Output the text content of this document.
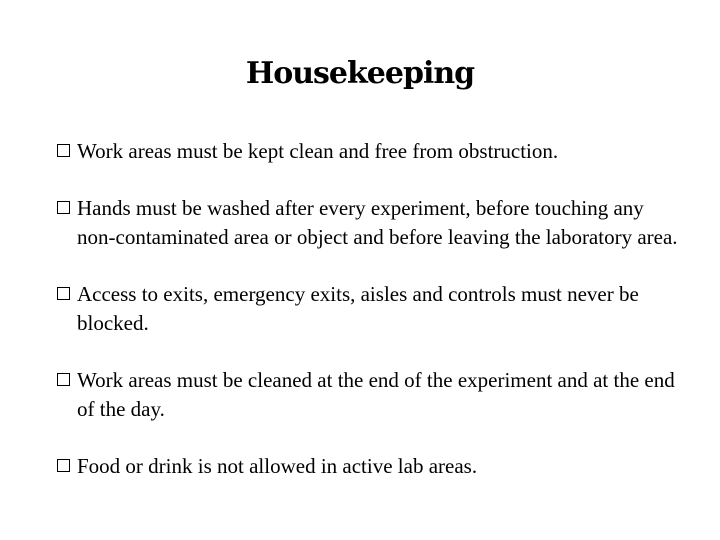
Housekeeping
Work areas must be kept clean and free from obstruction.
Hands must be washed after every experiment, before touching any non-contaminated area or object and before leaving the laboratory area.
Access to exits, emergency exits, aisles and controls must never be blocked.
Work areas must be cleaned at the end of the experiment and at the end of the day.
Food or drink is not allowed in active lab areas.
